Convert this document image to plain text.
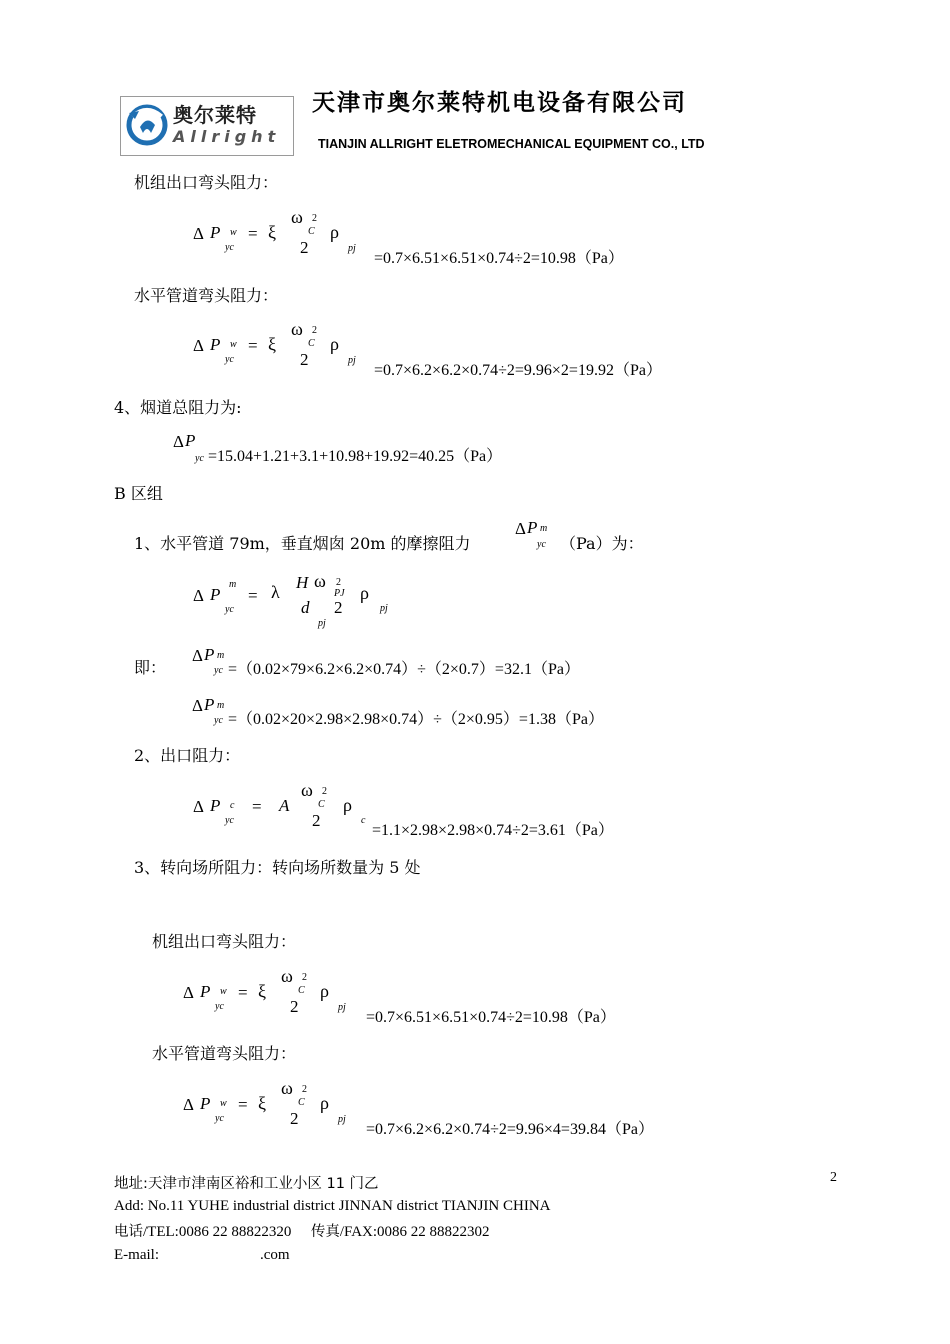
奥尔莱特
Allright
天津市奥尔莱特机电设备有限公司
TIANJIN ALLRIGHT ELETROMECHANICAL EQUIPMENT CO., LTD
机组出口弯头阻力：
Δ P w
yc
= ξ
ω 2
C
2
ρ
pj
=0.7×6.51×6.51×0.74÷2=10.98（Pa）
水平管道弯头阻力：
Δ P w
yc
= ξ
ω 2
C
2
ρ
pj
=0.7×6.2×6.2×0.74÷2=9.96×2=19.92（Pa）
4、烟道总阻力为:
Δ P
yc =15.04+1.21+3.1+10.98+19.92=40.25（Pa）
B 区组
1、水平管道 79m，垂直烟囱 20m 的摩擦阻力
Δ P m
yc （Pa）为：
Δ P
m
yc
= λ H ω 2
PJ
d 2
pj
ρ
pj
即：
Δ P m
yc =（0.02×79×6.2×6.2×0.74）÷（2×0.7）=32.1（Pa）
Δ P m
yc =（0.02×20×2.98×2.98×0.74）÷（2×0.95）=1.38（Pa）
2、出口阻力：
Δ P c
yc
= A
ω 2
C
2
ρ
c
=1.1×2.98×2.98×0.74÷2=3.61（Pa）
3、转向场所阻力：转向场所数量为 5 处
机组出口弯头阻力：
Δ P w
yc
= ξ
ω 2
C
2
ρ
pj
=0.7×6.51×6.51×0.74÷2=10.98（Pa）
水平管道弯头阻力：
Δ P w
yc
= ξ
ω 2
C
2
ρ
pj
=0.7×6.2×6.2×0.74÷2=9.96×4=39.84（Pa）
地址:天津市津南区裕和工业小区 11 门乙	2
Add: No.11 YUHE industrial district JINNAN district TIANJIN CHINA
电话/TEL:0086 22 88822320 传真/FAX:0086 22 88822302
E-mail:	.com
